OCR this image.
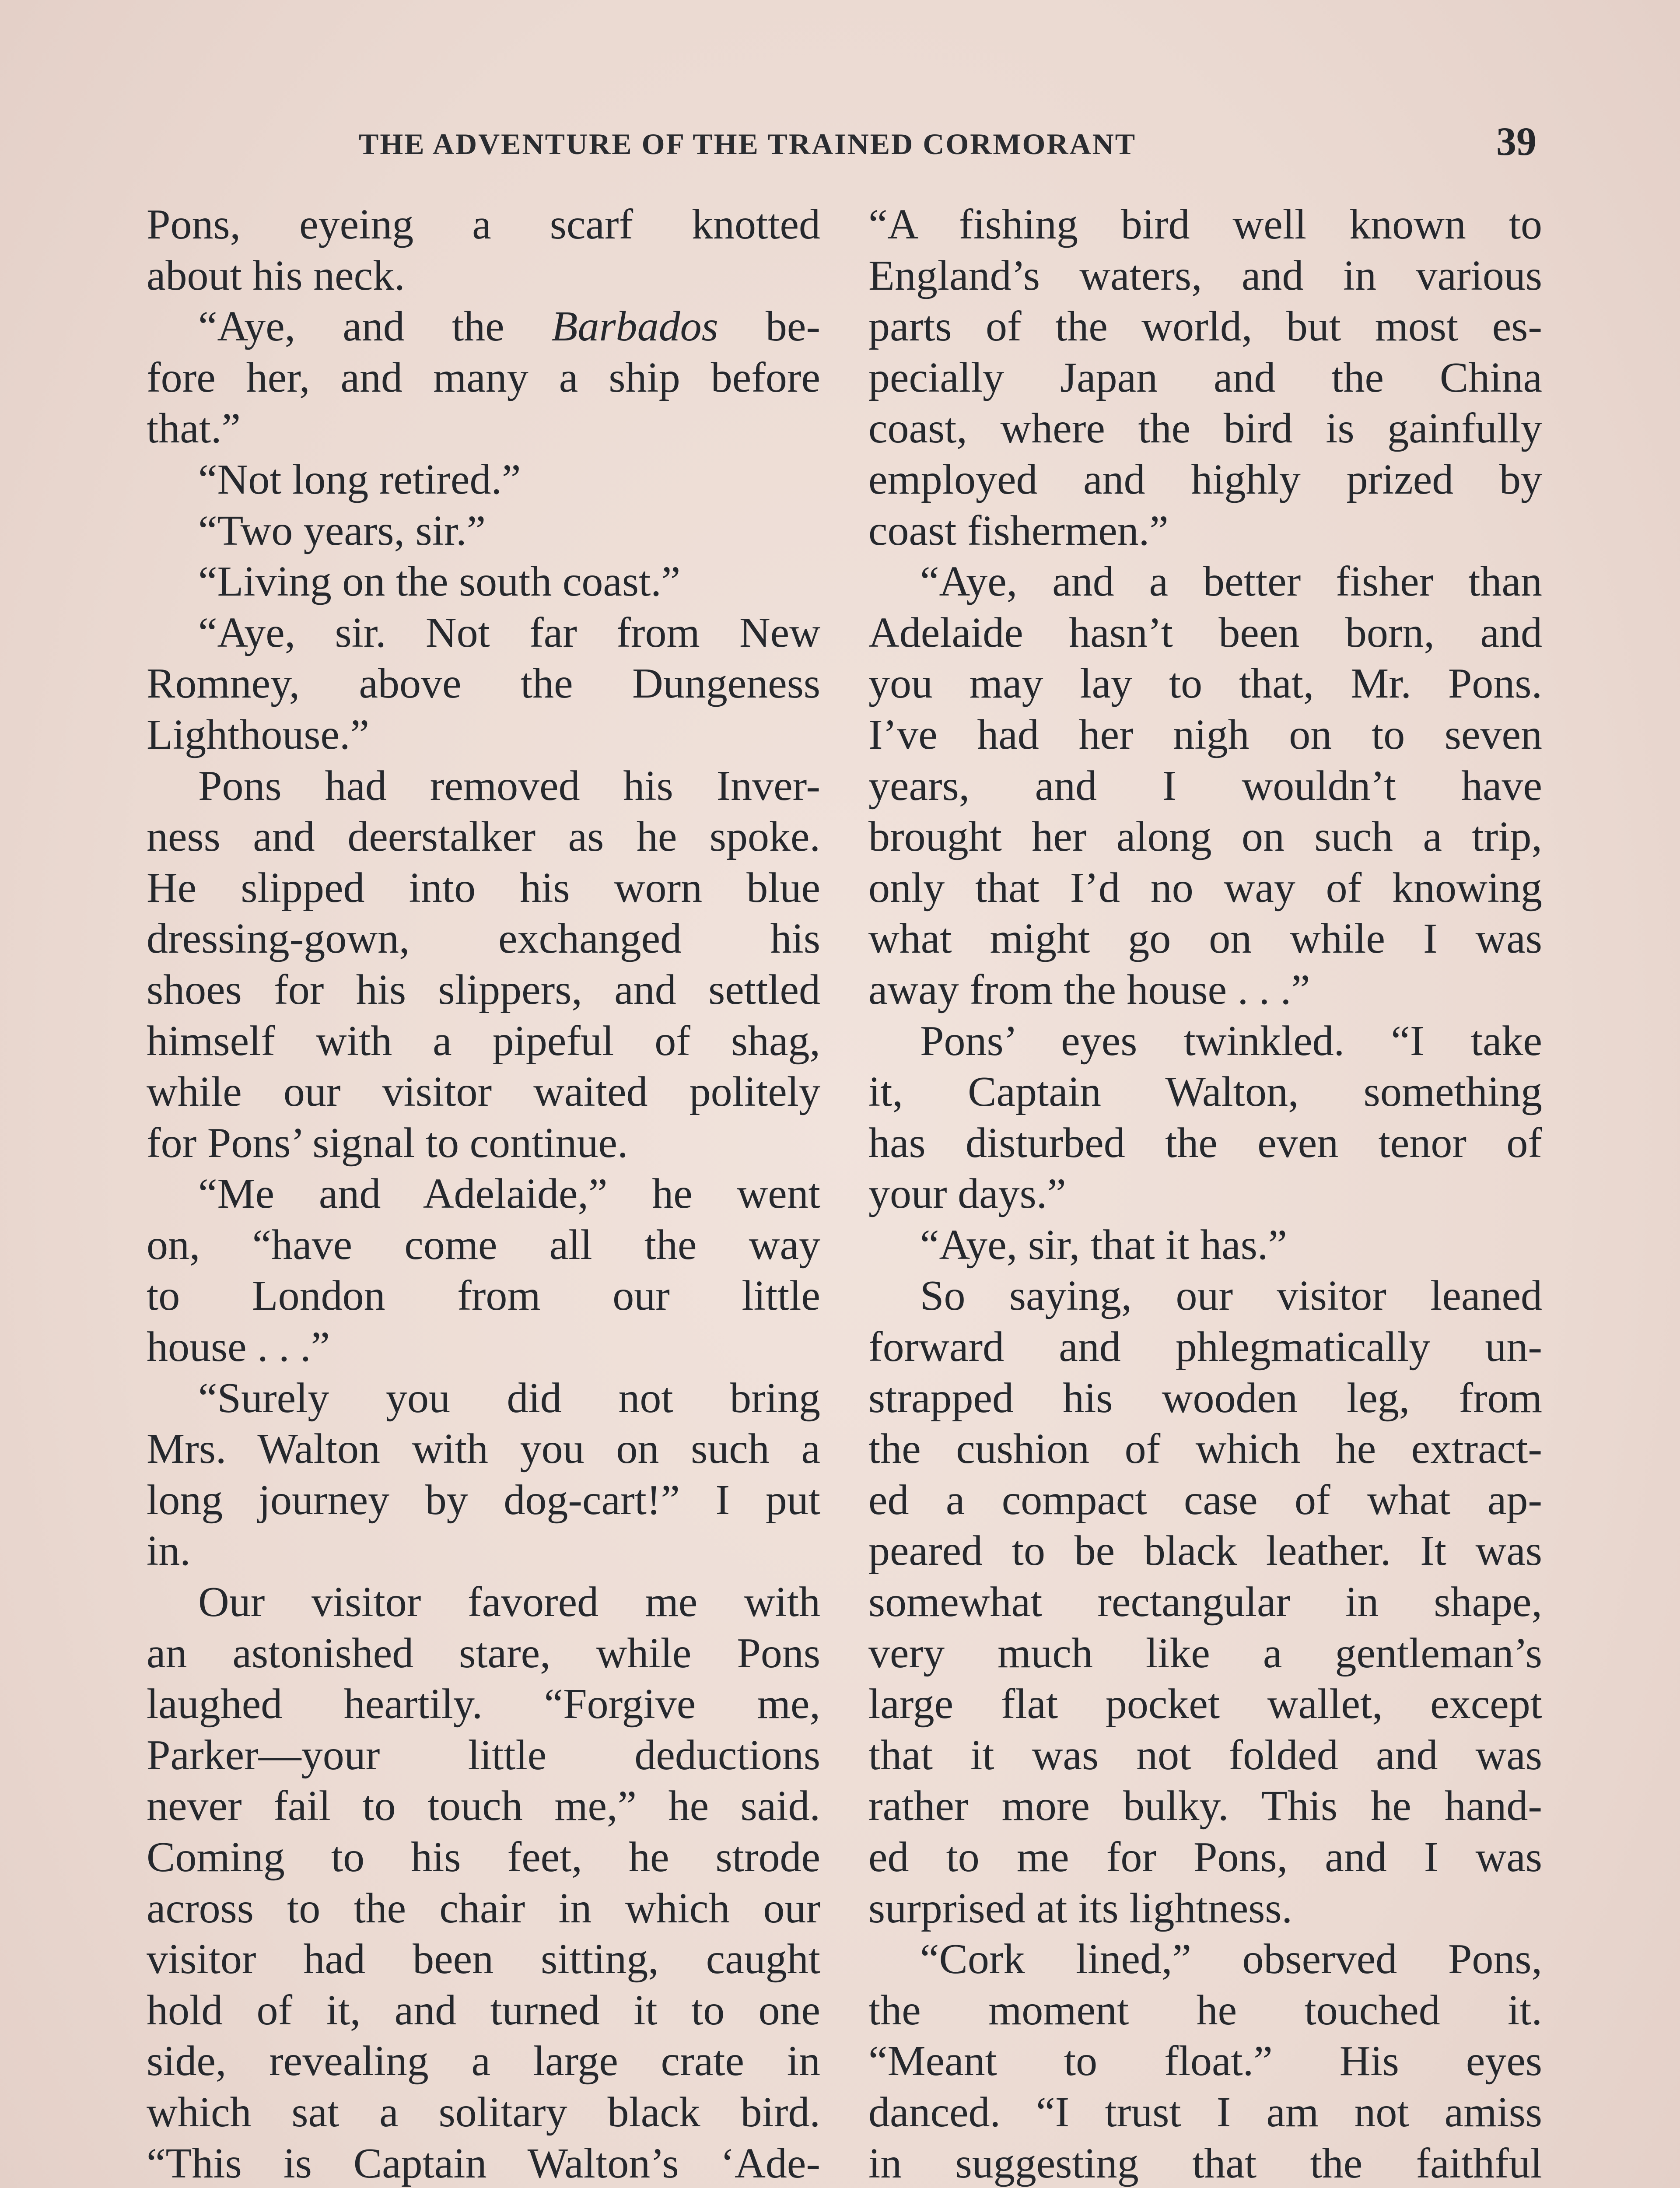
THE ADVENTURE OF THE TRAINED CORMORANT	39
Pons, eyeing a scarf knotted
about his neck.
“Aye, and the Barbados be-
fore her, and many a ship before
that.”
“Not long retired.”
“Two years, sir.”
“Living on the south coast.”
“Aye, sir. Not far from New
Romney, above the Dungeness
Lighthouse.”
Pons had removed his Inver-
ness and deerstalker as he spoke.
He slipped into his worn blue
dressing-gown, exchanged his
shoes for his slippers, and settled
himself with a pipeful of shag,
while our visitor waited politely
for Pons’ signal to continue.
“Me and Adelaide,” he went
on, “have come all the way
to London from our little
house . . .”
“Surely you did not bring
Mrs. Walton with you on such a
long journey by dog-cart!” I put
in.
Our visitor favored me with
an astonished stare, while Pons
laughed heartily. “Forgive me,
Parker—your little deductions
never fail to touch me,” he said.
Coming to his feet, he strode
across to the chair in which our
visitor had been sitting, caught
hold of it, and turned it to one
side, revealing a large crate in
which sat a solitary black bird.
“This is Captain Walton’s ‘Ade-
“A fishing bird well known to
England’s waters, and in various
parts of the world, but most es-
pecially Japan and the China
coast, where the bird is gainfully
employed and highly prized by
coast fishermen.”
“Aye, and a better fisher than
Adelaide hasn’t been born, and
you may lay to that, Mr. Pons.
I’ve had her nigh on to seven
years, and I wouldn’t have
brought her along on such a trip,
only that I’d no way of knowing
what might go on while I was
away from the house . . .”
Pons’ eyes twinkled. “I take
it, Captain Walton, something
has disturbed the even tenor of
your days.”
“Aye, sir, that it has.”
So saying, our visitor leaned
forward and phlegmatically un-
strapped his wooden leg, from
the cushion of which he extract-
ed a compact case of what ap-
peared to be black leather. It was
somewhat rectangular in shape,
very much like a gentleman’s
large flat pocket wallet, except
that it was not folded and was
rather more bulky. This he hand-
ed to me for Pons, and I was
surprised at its lightness.
“Cork lined,” observed Pons,
the moment he touched it.
“Meant to float.” His eyes
danced. “I trust I am not amiss
in suggesting that the faithful
